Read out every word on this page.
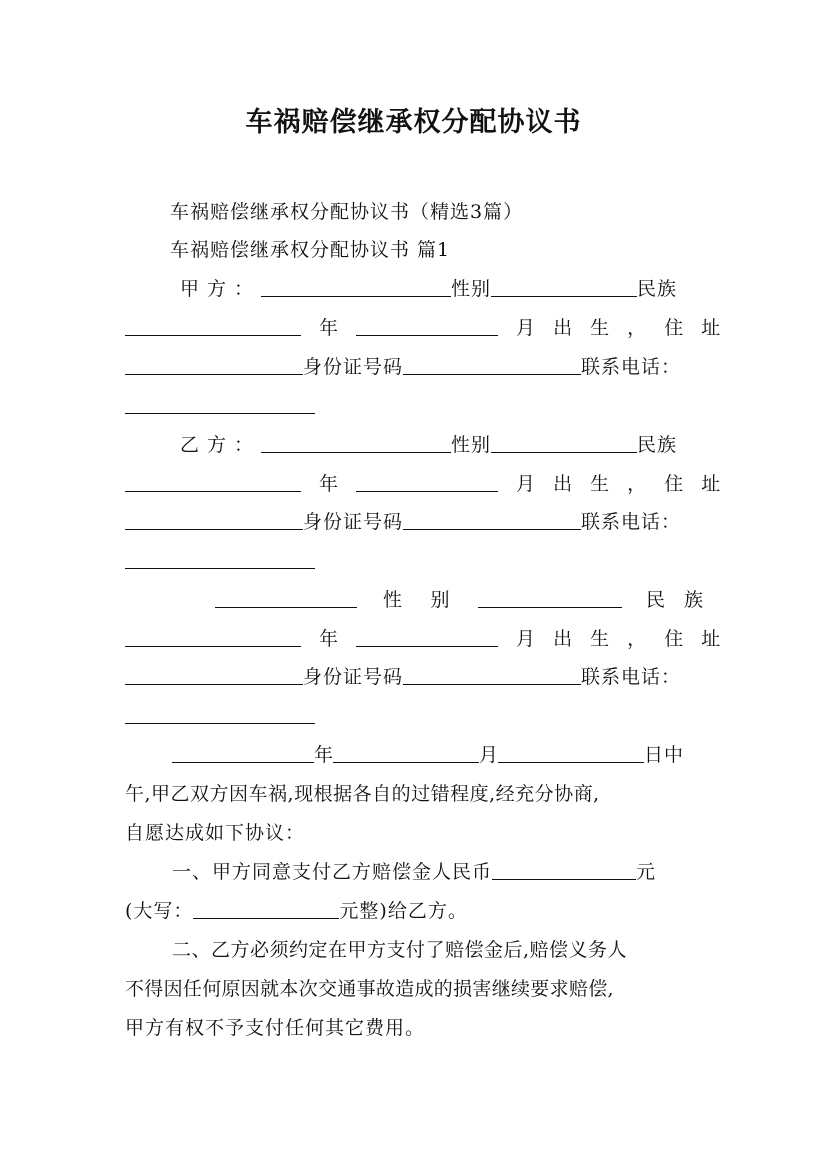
车祸赔偿继承权分配协议书
车祸赔偿继承权分配协议书（精选3篇）
车祸赔偿继承权分配协议书 篇1
甲方：	性别	民族
年	月出生，住址
身份证号码	联系电话：
乙方：	性别	民族
年	月出生，住址
身份证号码	联系电话：
性别	民族
年	月出生，住址
身份证号码	联系电话：
年	月	日中
午,甲乙双方因车祸,现根据各自的过错程度,经充分协商,
自愿达成如下协议：
一、甲方同意支付乙方赔偿金人民币	元
(大写：	元整)给乙方。
二、乙方必须约定在甲方支付了赔偿金后,赔偿义务人
不得因任何原因就本次交通事故造成的损害继续要求赔偿,
甲方有权不予支付任何其它费用。
